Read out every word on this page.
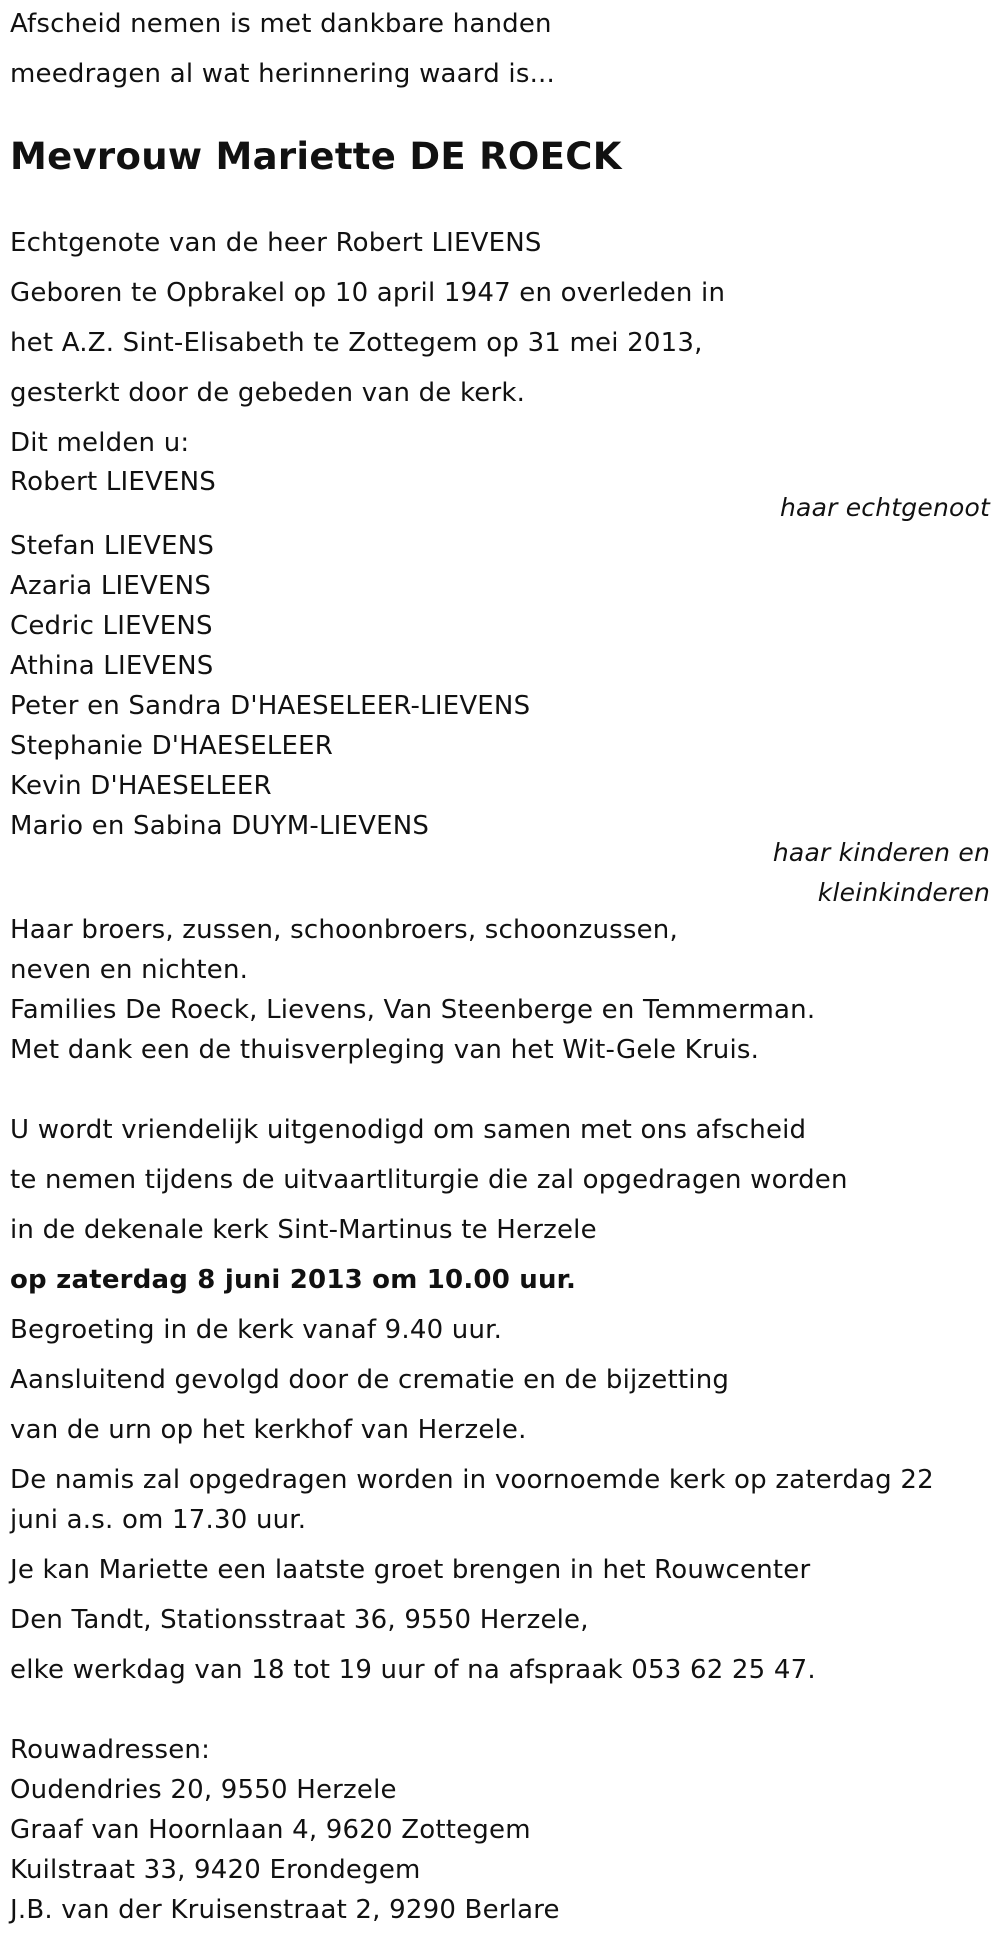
Afscheid nemen is met dankbare handen
meedragen al wat herinnering waard is...
Mevrouw Mariette DE ROECK
Echtgenote van de heer Robert LIEVENS
Geboren te Opbrakel op 10 april 1947 en overleden in
het A.Z. Sint-Elisabeth te Zottegem op 31 mei 2013,
gesterkt door de gebeden van de kerk.
Dit melden u:
Robert LIEVENS
haar echtgenoot
Stefan LIEVENS
Azaria LIEVENS
Cedric LIEVENS
Athina LIEVENS
Peter en Sandra D'HAESELEER-LIEVENS
Stephanie D'HAESELEER
Kevin D'HAESELEER
Mario en Sabina DUYM-LIEVENS
haar kinderen en
kleinkinderen
Haar broers, zussen, schoonbroers, schoonzussen,
neven en nichten.
Families De Roeck, Lievens, Van Steenberge en Temmerman.
Met dank een de thuisverpleging van het Wit-Gele Kruis.
U wordt vriendelijk uitgenodigd om samen met ons afscheid
te nemen tijdens de uitvaartliturgie die zal opgedragen worden
in de dekenale kerk Sint-Martinus te Herzele
op zaterdag 8 juni 2013 om 10.00 uur.
Begroeting in de kerk vanaf 9.40 uur.
Aansluitend gevolgd door de crematie en de bijzetting
van de urn op het kerkhof van Herzele.
De namis zal opgedragen worden in voornoemde kerk op zaterdag 22
juni a.s. om 17.30 uur.
Je kan Mariette een laatste groet brengen in het Rouwcenter
Den Tandt, Stationsstraat 36, 9550 Herzele,
elke werkdag van 18 tot 19 uur of na afspraak 053 62 25 47.
Rouwadressen:
Oudendries 20, 9550 Herzele
Graaf van Hoornlaan 4, 9620 Zottegem
Kuilstraat 33, 9420 Erondegem
J.B. van der Kruisenstraat 2, 9290 Berlare
